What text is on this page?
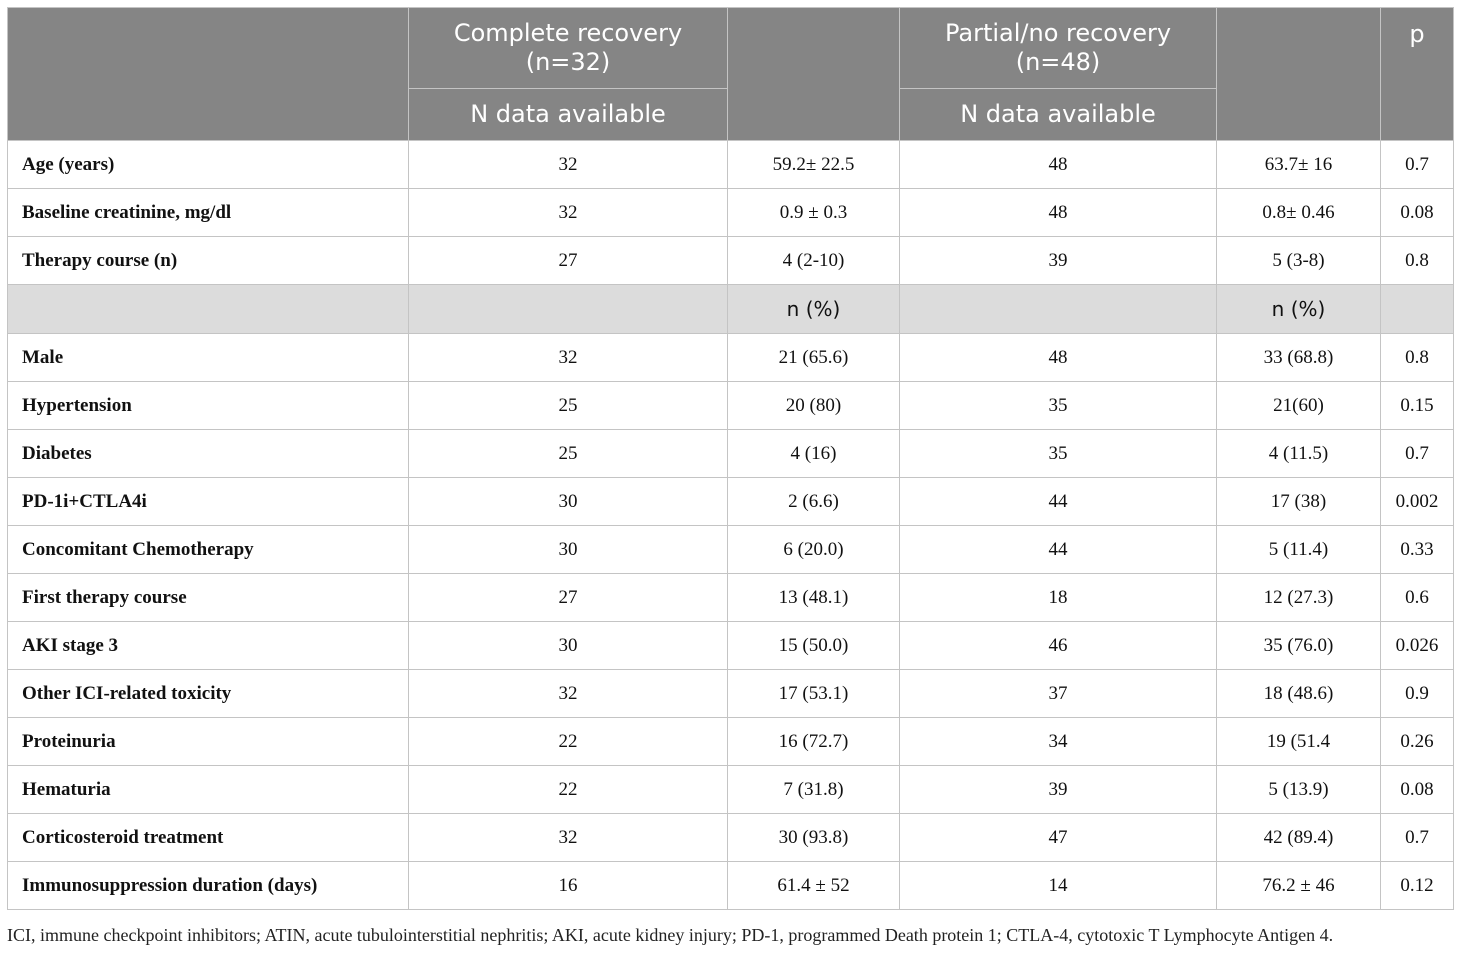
	Complete recovery (n=32)		Partial/no recovery (n=48)		p
	N data available		N data available		
Age (years)	32	59.2± 22.5	48	63.7± 16	0.7
Baseline creatinine, mg/dl	32	0.9 ± 0.3	48	0.8± 0.46	0.08
Therapy course (n)	27	4 (2-10)	39	5 (3-8)	0.8
		n (%)		n (%)	
Male	32	21 (65.6)	48	33 (68.8)	0.8
Hypertension	25	20 (80)	35	21(60)	0.15
Diabetes	25	4 (16)	35	4 (11.5)	0.7
PD-1i+CTLA4i	30	2 (6.6)	44	17 (38)	0.002
Concomitant Chemotherapy	30	6 (20.0)	44	5 (11.4)	0.33
First therapy course	27	13 (48.1)	18	12 (27.3)	0.6
AKI stage 3	30	15 (50.0)	46	35 (76.0)	0.026
Other ICI-related toxicity	32	17 (53.1)	37	18 (48.6)	0.9
Proteinuria	22	16 (72.7)	34	19 (51.4	0.26
Hematuria	22	7 (31.8)	39	5 (13.9)	0.08
Corticosteroid treatment	32	30 (93.8)	47	42 (89.4)	0.7
Immunosuppression duration (days)	16	61.4 ± 52	14	76.2 ± 46	0.12
ICI, immune checkpoint inhibitors; ATIN, acute tubulointerstitial nephritis; AKI, acute kidney injury; PD-1, programmed Death protein 1; CTLA-4, cytotoxic T Lymphocyte Antigen 4.
